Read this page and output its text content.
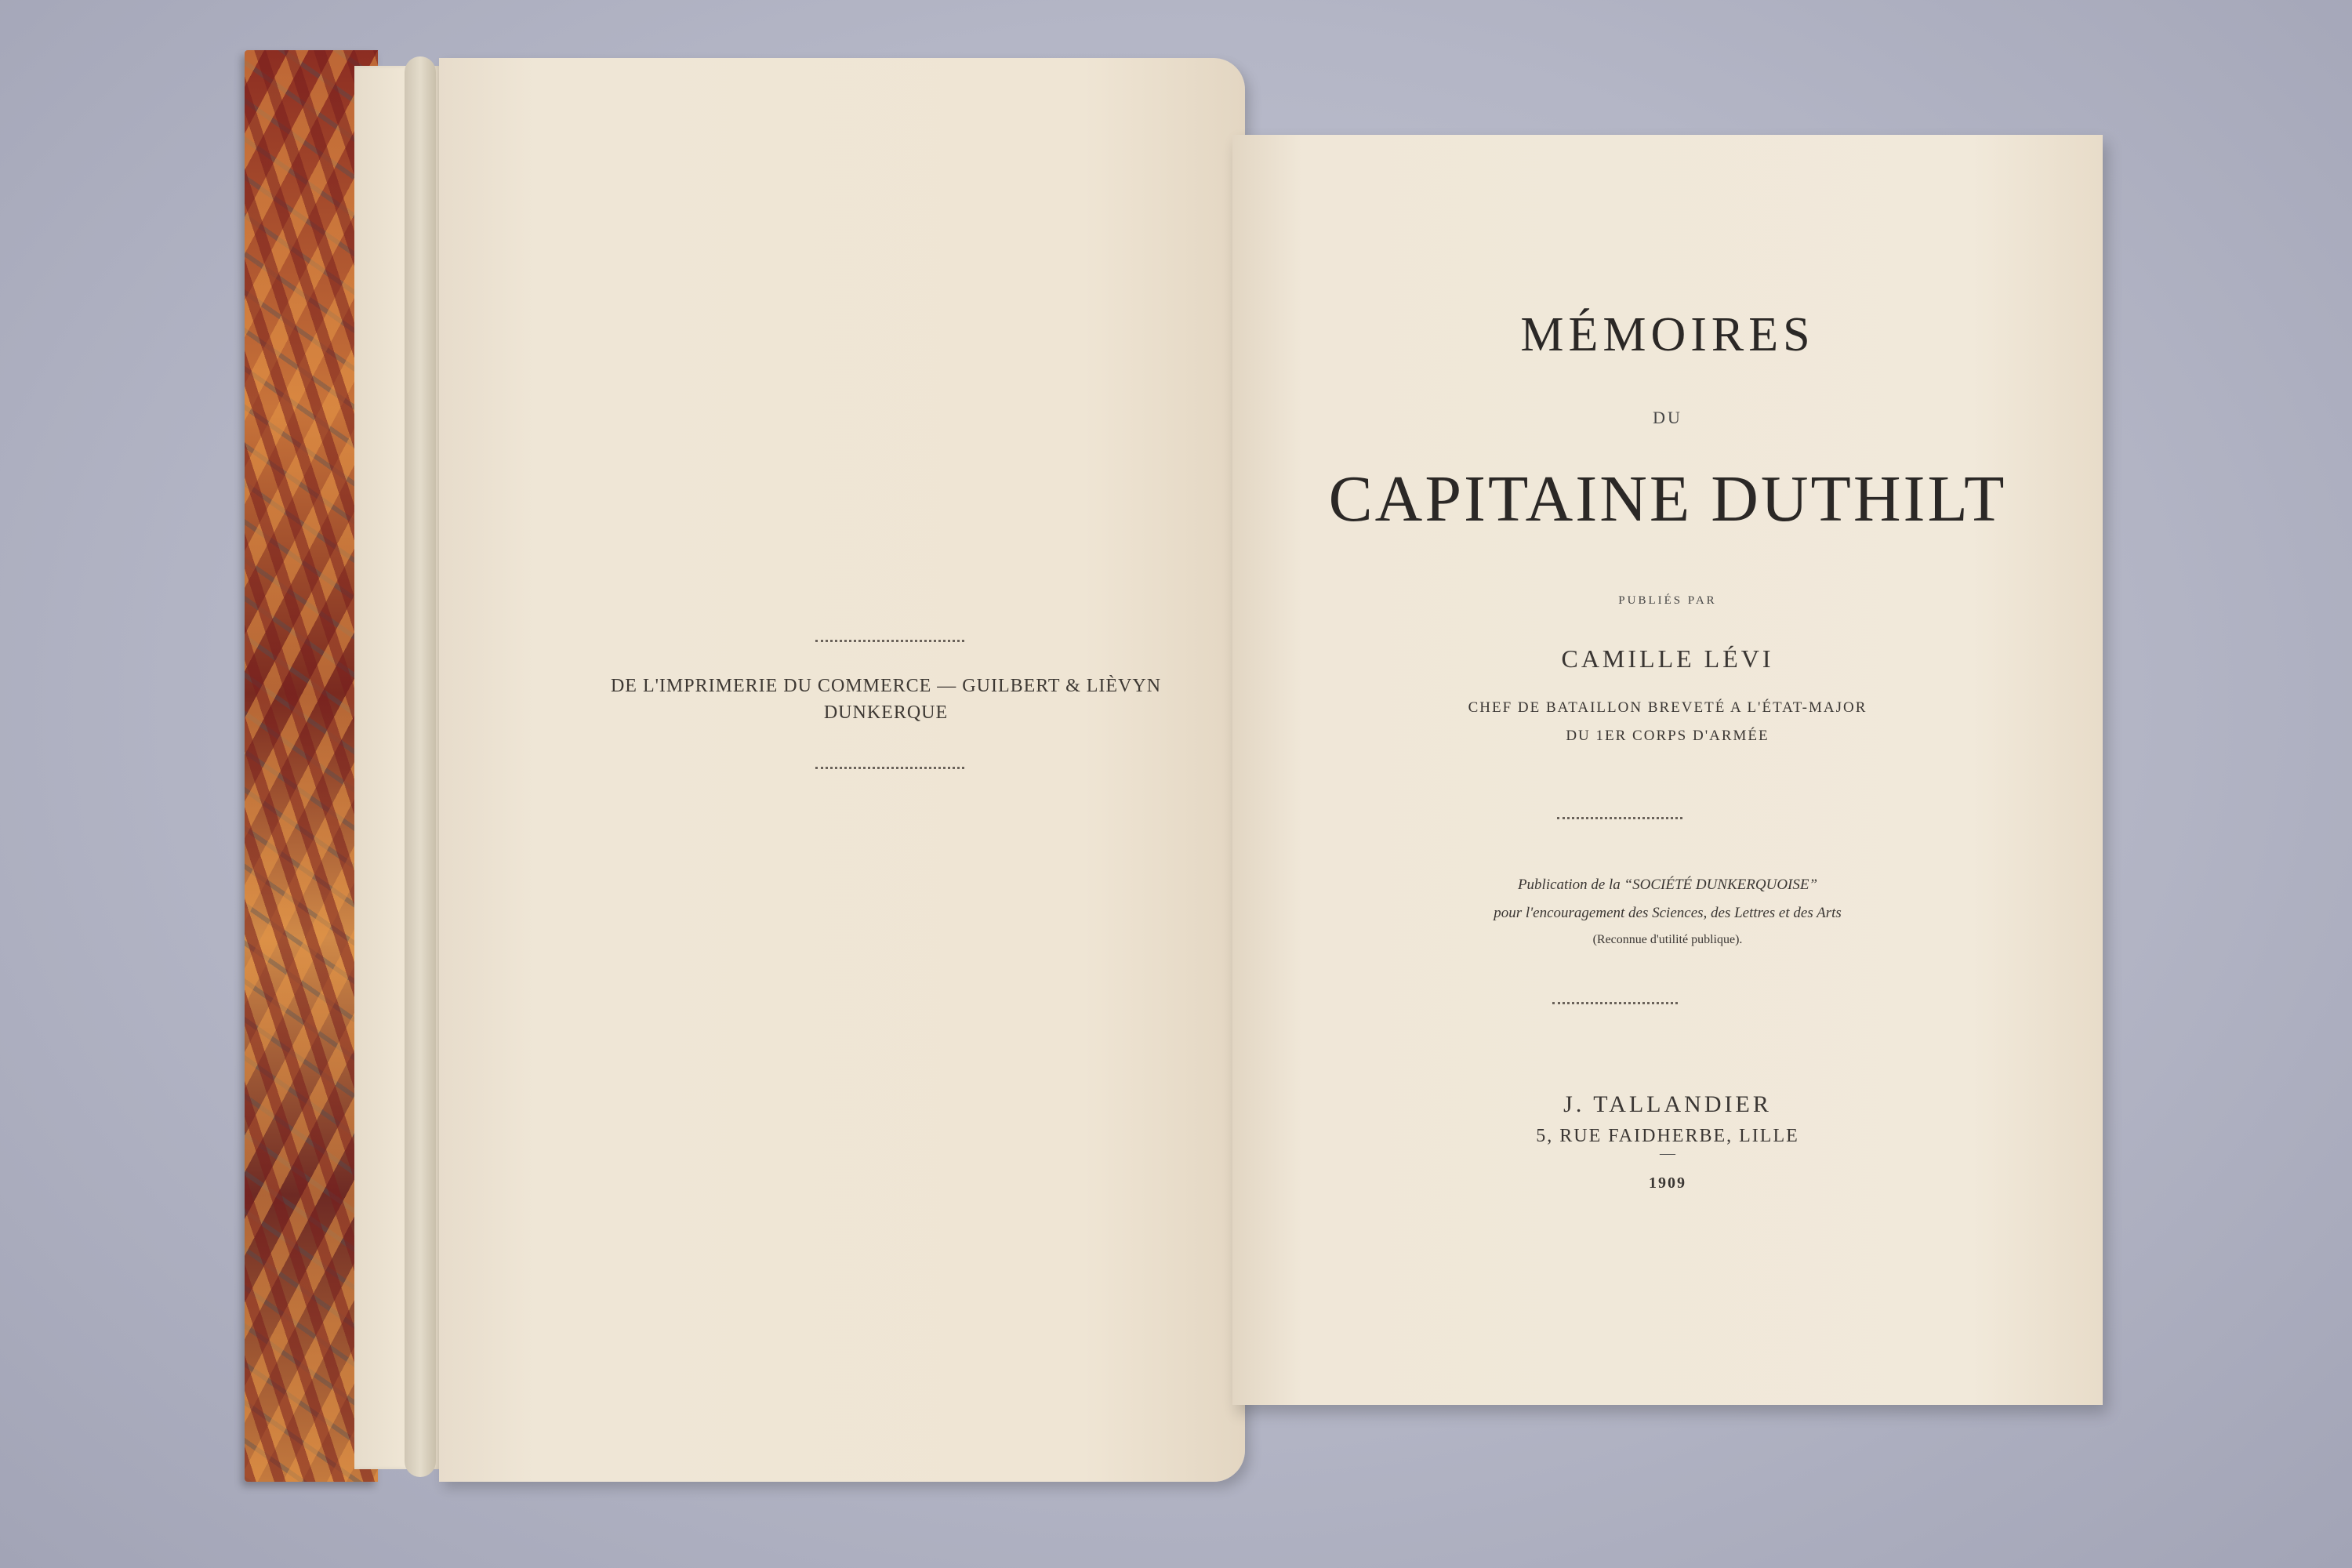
DE L'IMPRIMERIE DU COMMERCE — GUILBERT & LIÈVYN
DUNKERQUE
MÉMOIRES
DU
CAPITAINE DUTHILT
PUBLIÉS PAR
CAMILLE LÉVI
CHEF DE BATAILLON BREVETÉ A L'ÉTAT-MAJOR
DU 1ER CORPS D'ARMÉE
Publication de la “SOCIÉTÉ DUNKERQUOISE”
pour l'encouragement des Sciences, des Lettres et des Arts
(Reconnue d'utilité publique).
J. TALLANDIER
5, RUE FAIDHERBE, LILLE
—
1909
